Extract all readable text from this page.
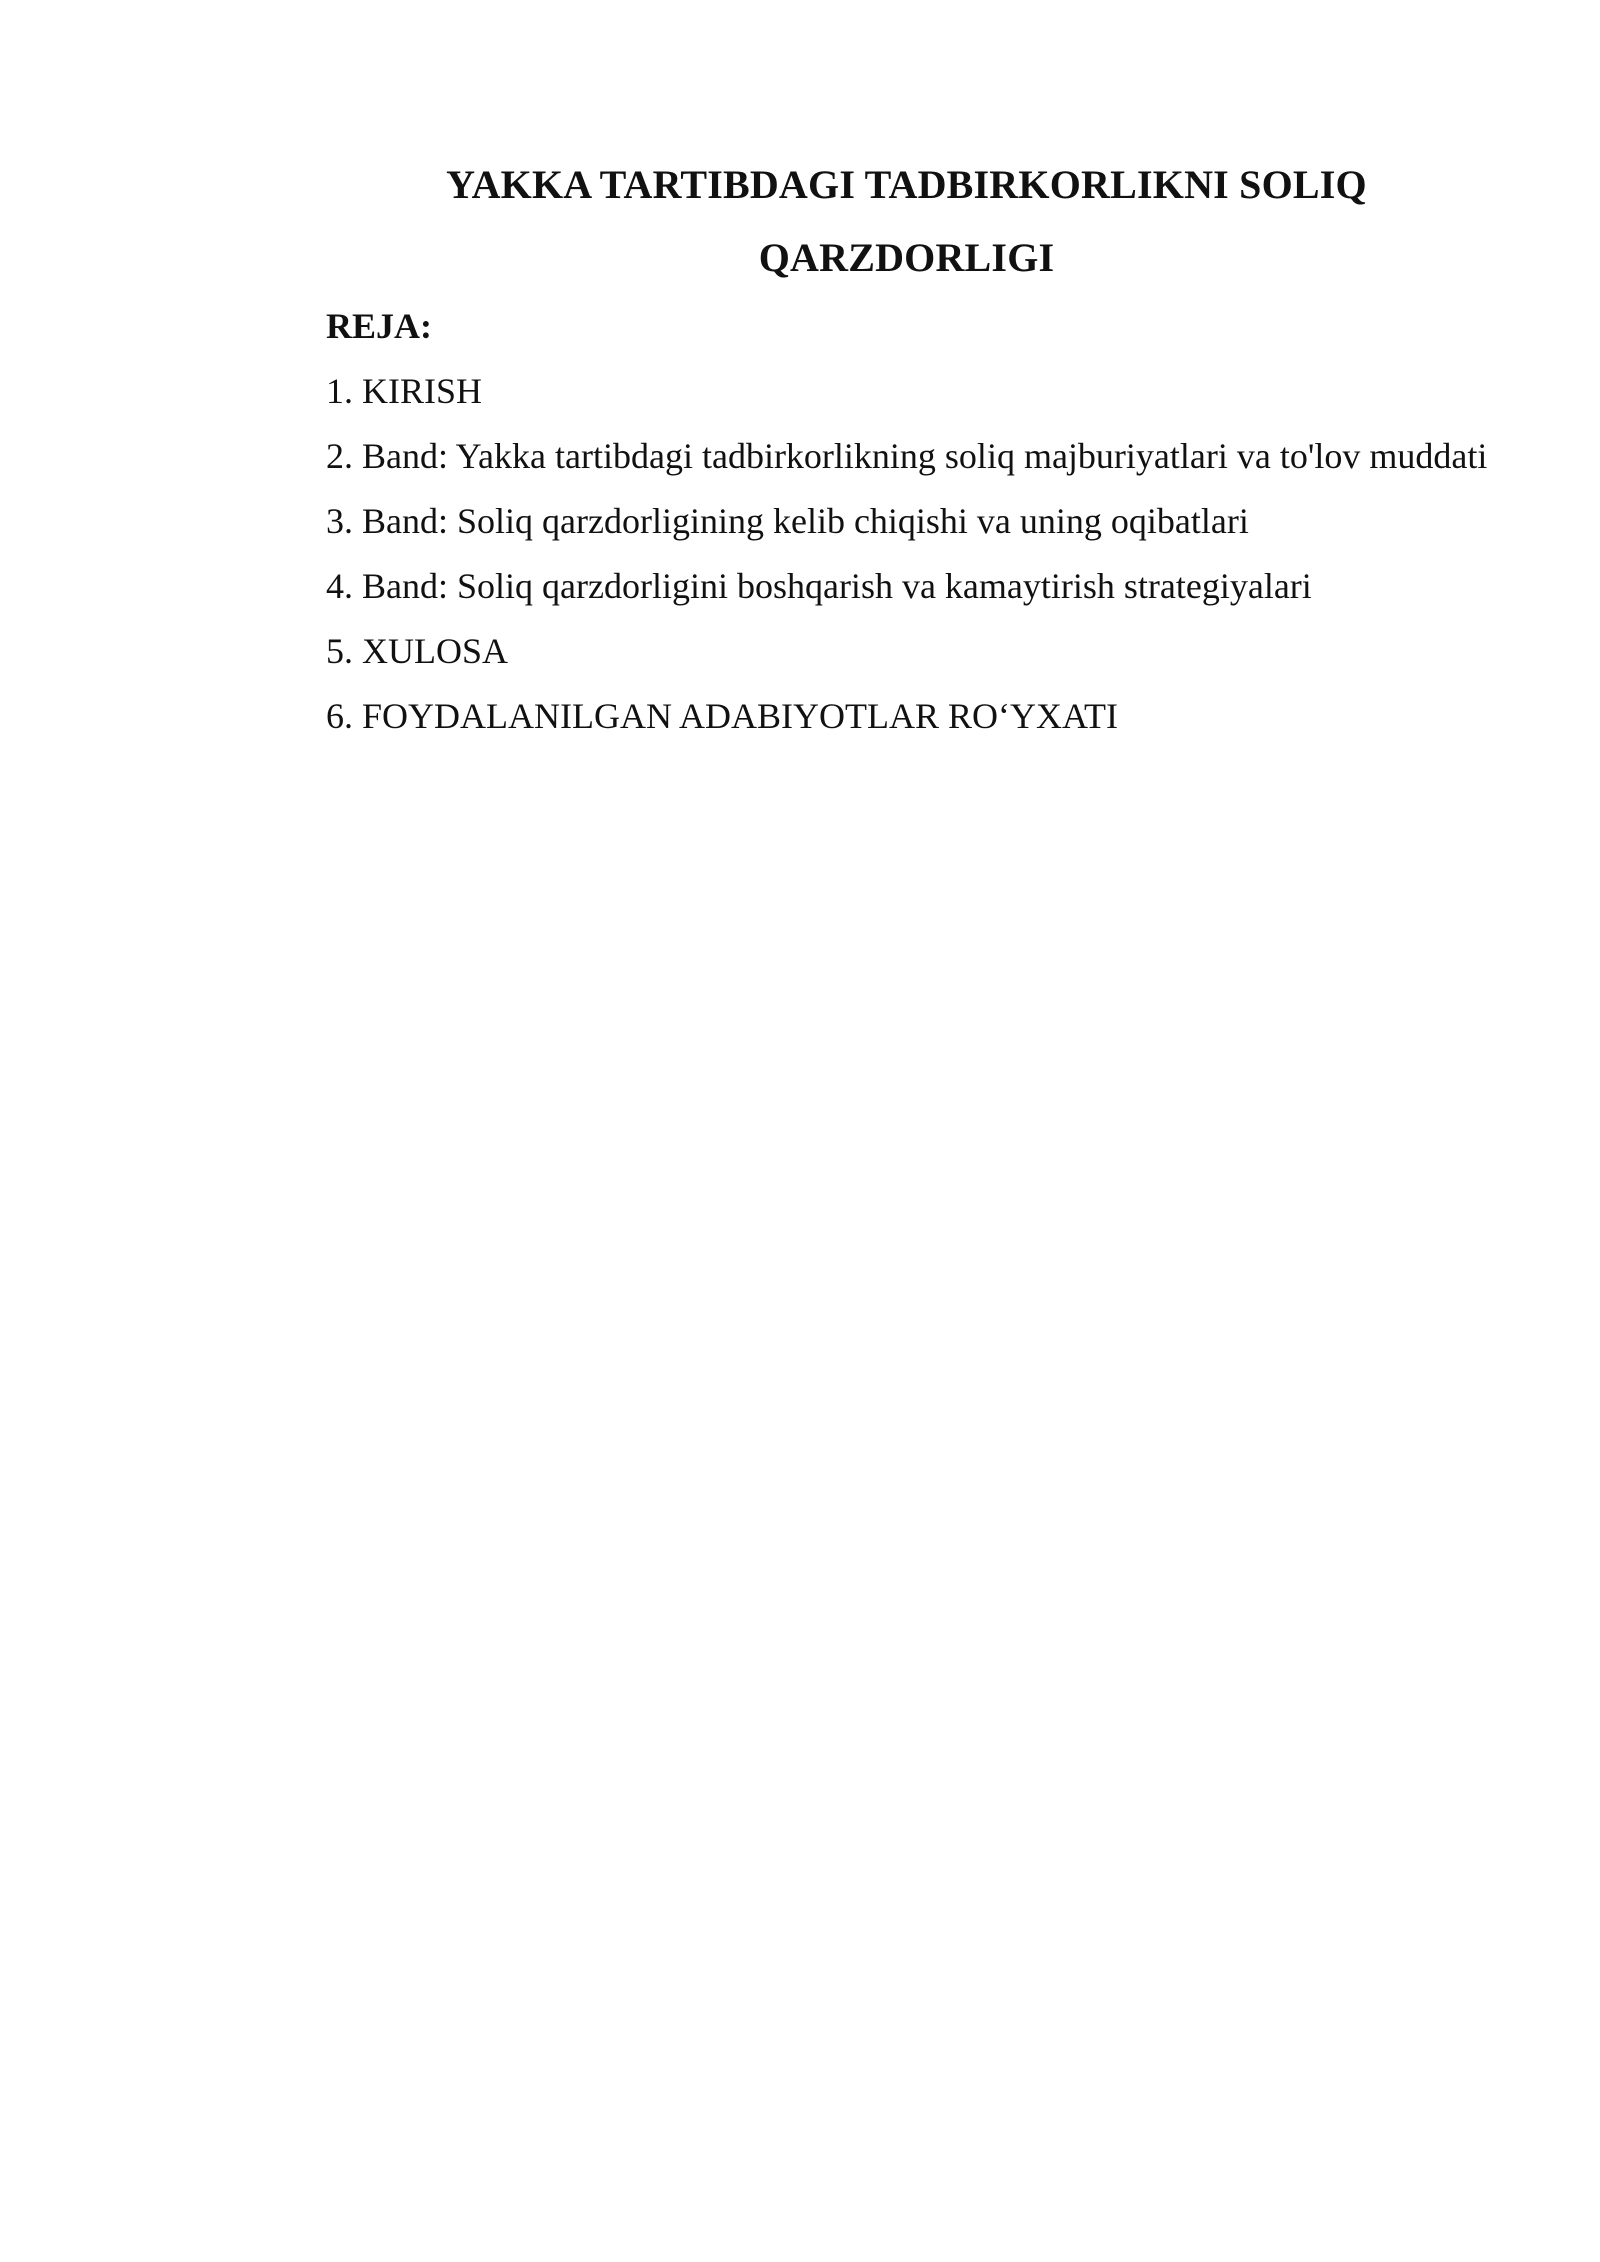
YAKKA TARTIBDAGI TADBIRKORLIKNI SOLIQ QARZDORLIGI

REJA:

1. KIRISH

2. Band: Yakka tartibdagi tadbirkorlikning soliq majburiyatlari va to'lov muddati

3. Band: Soliq qarzdorligining kelib chiqishi va uning oqibatlari

4. Band: Soliq qarzdorligini boshqarish va kamaytirish strategiyalari

5. XULOSA

6. FOYDALANILGAN ADABIYOTLAR RO‘YXATI
